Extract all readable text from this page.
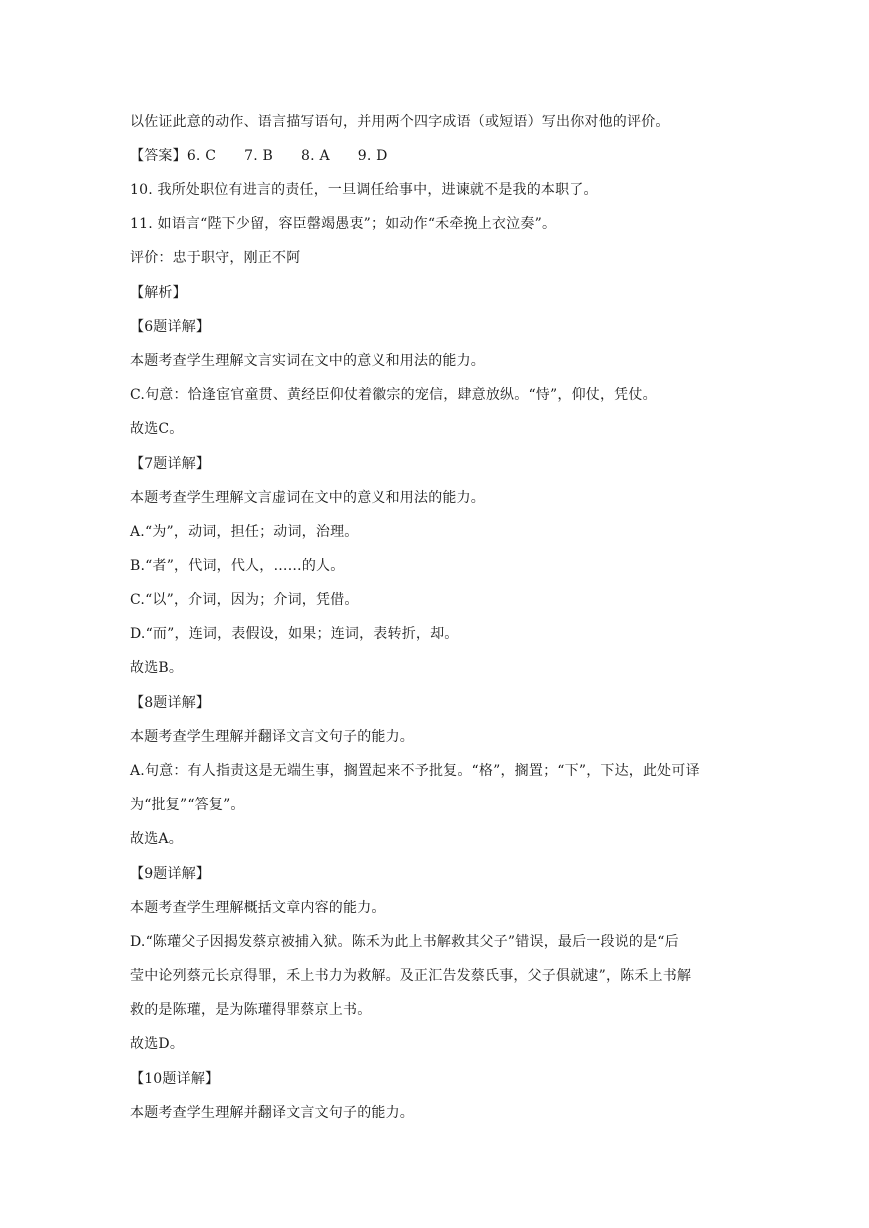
以佐证此意的动作、语言描写语句，并用两个四字成语（或短语）写出你对他的评价。
【答案】6. C 7. B 8. A 9. D
10. 我所处职位有进言的责任，一旦调任给事中，进谏就不是我的本职了。
11. 如语言“陛下少留，容臣罄竭愚衷”；如动作“禾牵挽上衣泣奏”。
评价：忠于职守，刚正不阿
【解析】
【6题详解】
本题考查学生理解文言实词在文中的意义和用法的能力。
C.句意：恰逢宦官童贯、黄经臣仰仗着徽宗的宠信，肆意放纵。“恃”，仰仗，凭仗。
故选C。
【7题详解】
本题考查学生理解文言虚词在文中的意义和用法的能力。
A.“为”，动词，担任；动词，治理。
B.“者”，代词，代人，……的人。
C.“以”，介词，因为；介词，凭借。
D.“而”，连词，表假设，如果；连词，表转折，却。
故选B。
【8题详解】
本题考查学生理解并翻译文言文句子的能力。
A.句意：有人指责这是无端生事，搁置起来不予批复。“格”，搁置；“下”，下达，此处可译
为“批复”“答复”。
故选A。
【9题详解】
本题考查学生理解概括文章内容的能力。
D.“陈瓘父子因揭发蔡京被捕入狱。陈禾为此上书解救其父子”错误，最后一段说的是“后
莹中论列蔡元长京得罪，禾上书力为救解。及正汇告发蔡氏事，父子俱就逮”，陈禾上书解
救的是陈瓘，是为陈瓘得罪蔡京上书。
故选D。
【10题详解】
本题考查学生理解并翻译文言文句子的能力。
